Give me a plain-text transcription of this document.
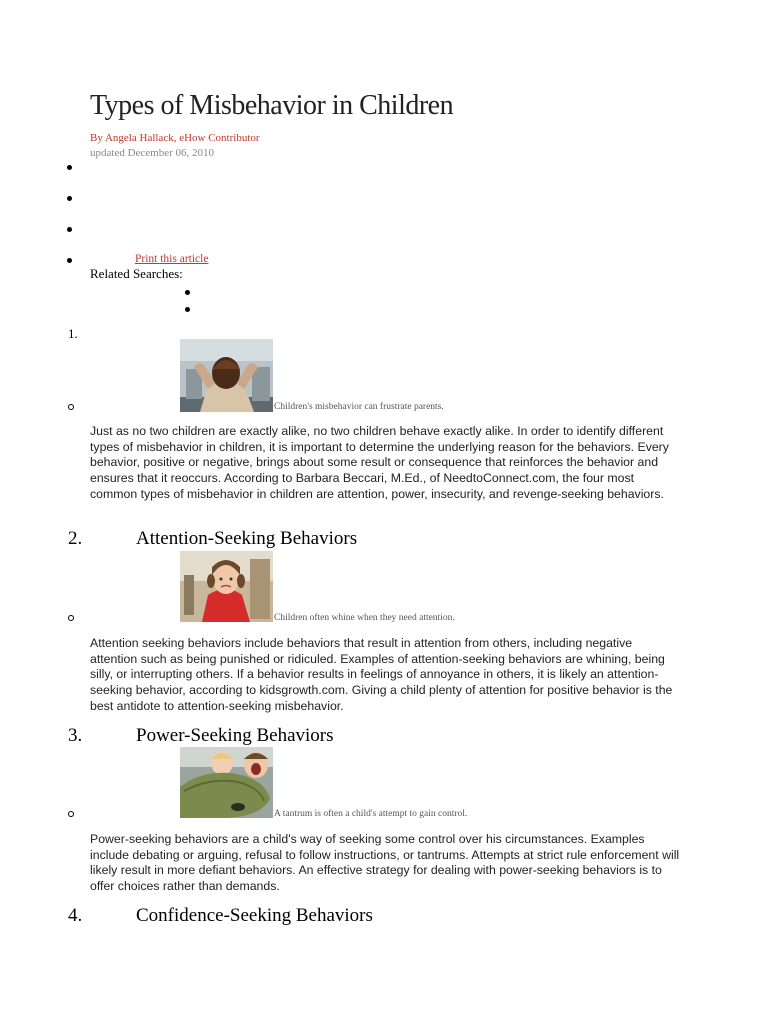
Types of Misbehavior in Children
By Angela Hallack, eHow Contributor
updated December 06, 2010
Print this article
Related Searches:
1.
Children's misbehavior can frustrate parents.
Just as no two children are exactly alike, no two children behave exactly alike. In order to identify different types of misbehavior in children, it is important to determine the underlying reason for the behaviors. Every behavior, positive or negative, brings about some result or consequence that reinforces the behavior and ensures that it reoccurs. According to Barbara Beccari, M.Ed., of NeedtoConnect.com, the four most common types of misbehavior in children are attention, power, insecurity, and revenge-seeking behaviors.
2.	Attention-Seeking Behaviors
Children often whine when they need attention.
Attention seeking behaviors include behaviors that result in attention from others, including negative attention such as being punished or ridiculed. Examples of attention-seeking behaviors are whining, being silly, or interrupting others. If a behavior results in feelings of annoyance in others, it is likely an attention-seeking behavior, according to kidsgrowth.com. Giving a child plenty of attention for positive behavior is the best antidote to attention-seeking misbehavior.
3.	Power-Seeking Behaviors
A tantrum is often a child's attempt to gain control.
Power-seeking behaviors are a child's way of seeking some control over his circumstances. Examples include debating or arguing, refusal to follow instructions, or tantrums. Attempts at strict rule enforcement will likely result in more defiant behaviors. An effective strategy for dealing with power-seeking behaviors is to offer choices rather than demands.
4.	Confidence-Seeking Behaviors
